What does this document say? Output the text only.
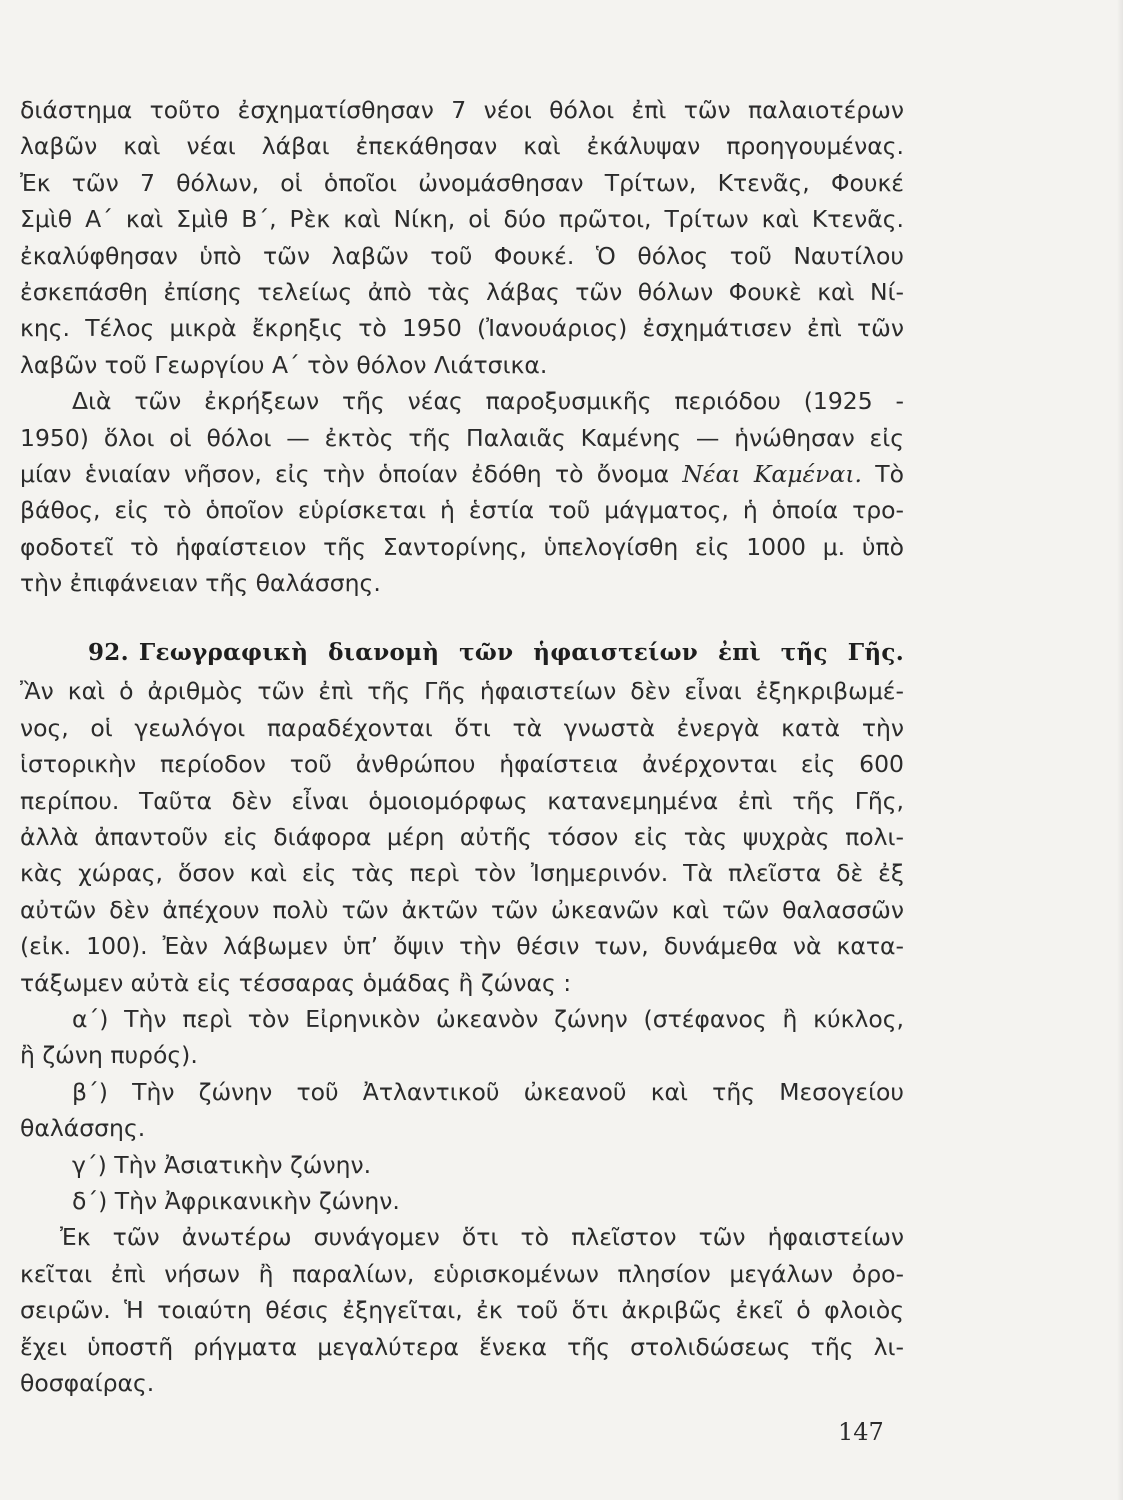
διάστημα τοῦτο ἐσχηματίσθησαν 7 νέοι θόλοι ἐπὶ τῶν παλαιοτέρων
λαβῶν καὶ νέαι λάβαι ἐπεκάθησαν καὶ ἐκάλυψαν προηγουμένας.
Ἐκ τῶν 7 θόλων, οἱ ὁποῖοι ὠνομάσθησαν Τρίτων, Κτενᾶς, Φουκέ
Σμὶθ Α΄ καὶ Σμὶθ Β΄, Ρὲκ καὶ Νίκη, οἱ δύο πρῶτοι, Τρίτων καὶ Κτενᾶς.
ἐκαλύφθησαν ὑπὸ τῶν λαβῶν τοῦ Φουκέ. Ὁ θόλος τοῦ Ναυτίλου
ἐσκεπάσθη ἐπίσης τελείως ἀπὸ τὰς λάβας τῶν θόλων Φουκὲ καὶ Νί-
κης. Τέλος μικρὰ ἔκρηξις τὸ 1950 (Ἰανουάριος) ἐσχημάτισεν ἐπὶ τῶν
λαβῶν τοῦ Γεωργίου Α΄ τὸν θόλον Λιάτσικα.
Διὰ τῶν ἐκρήξεων τῆς νέας παροξυσμικῆς περιόδου (1925 -
1950) ὅλοι οἱ θόλοι — ἐκτὸς τῆς Παλαιᾶς Καμένης — ἡνώθησαν εἰς
μίαν ἑνιαίαν νῆσον, εἰς τὴν ὁποίαν ἐδόθη τὸ ὄνομα Νέαι Καμέναι. Τὸ
βάθος, εἰς τὸ ὁποῖον εὑρίσκεται ἡ ἑστία τοῦ μάγματος, ἡ ὁποία τρο-
φοδοτεῖ τὸ ἡφαίστειον τῆς Σαντορίνης, ὑπελογίσθη εἰς 1000 μ. ὑπὸ
τὴν ἐπιφάνειαν τῆς θαλάσσης.
92. Γεωγραφικὴ διανομὴ τῶν ἡφαιστείων ἐπὶ τῆς Γῆς.
Ἂν καὶ ὁ ἀριθμὸς τῶν ἐπὶ τῆς Γῆς ἡφαιστείων δὲν εἶναι ἐξηκριβωμέ-
νος, οἱ γεωλόγοι παραδέχονται ὅτι τὰ γνωστὰ ἐνεργὰ κατὰ τὴν
ἱστορικὴν περίοδον τοῦ ἀνθρώπου ἡφαίστεια ἀνέρχονται εἰς 600
περίπου. Ταῦτα δὲν εἶναι ὁμοιομόρφως κατανεμημένα ἐπὶ τῆς Γῆς,
ἀλλὰ ἀπαντοῦν εἰς διάφορα μέρη αὐτῆς τόσον εἰς τὰς ψυχρὰς πολι-
κὰς χώρας, ὅσον καὶ εἰς τὰς περὶ τὸν Ἰσημερινόν. Τὰ πλεῖστα δὲ ἐξ
αὐτῶν δὲν ἀπέχουν πολὺ τῶν ἀκτῶν τῶν ὠκεανῶν καὶ τῶν θαλασσῶν
(εἰκ. 100). Ἐὰν λάβωμεν ὑπ’ ὄψιν τὴν θέσιν των, δυνάμεθα νὰ κατα-
τάξωμεν αὐτὰ εἰς τέσσαρας ὁμάδας ἢ ζώνας :
α΄) Τὴν περὶ τὸν Εἰρηνικὸν ὠκεανὸν ζώνην (στέφανος ἢ κύκλος,
ἢ ζώνη πυρός).
β΄) Τὴν ζώνην τοῦ Ἀτλαντικοῦ ὠκεανοῦ καὶ τῆς Μεσογείου
θαλάσσης.
γ΄) Τὴν Ἀσιατικὴν ζώνην.
δ΄) Τὴν Ἀφρικανικὴν ζώνην.
Ἐκ τῶν ἀνωτέρω συνάγομεν ὅτι τὸ πλεῖστον τῶν ἡφαιστείων
κεῖται ἐπὶ νήσων ἢ παραλίων, εὑρισκομένων πλησίον μεγάλων ὀρο-
σειρῶν. Ἡ τοιαύτη θέσις ἐξηγεῖται, ἐκ τοῦ ὅτι ἀκριβῶς ἐκεῖ ὁ φλοιὸς
ἔχει ὑποστῆ ρήγματα μεγαλύτερα ἕνεκα τῆς στολιδώσεως τῆς λι-
θοσφαίρας.
147
